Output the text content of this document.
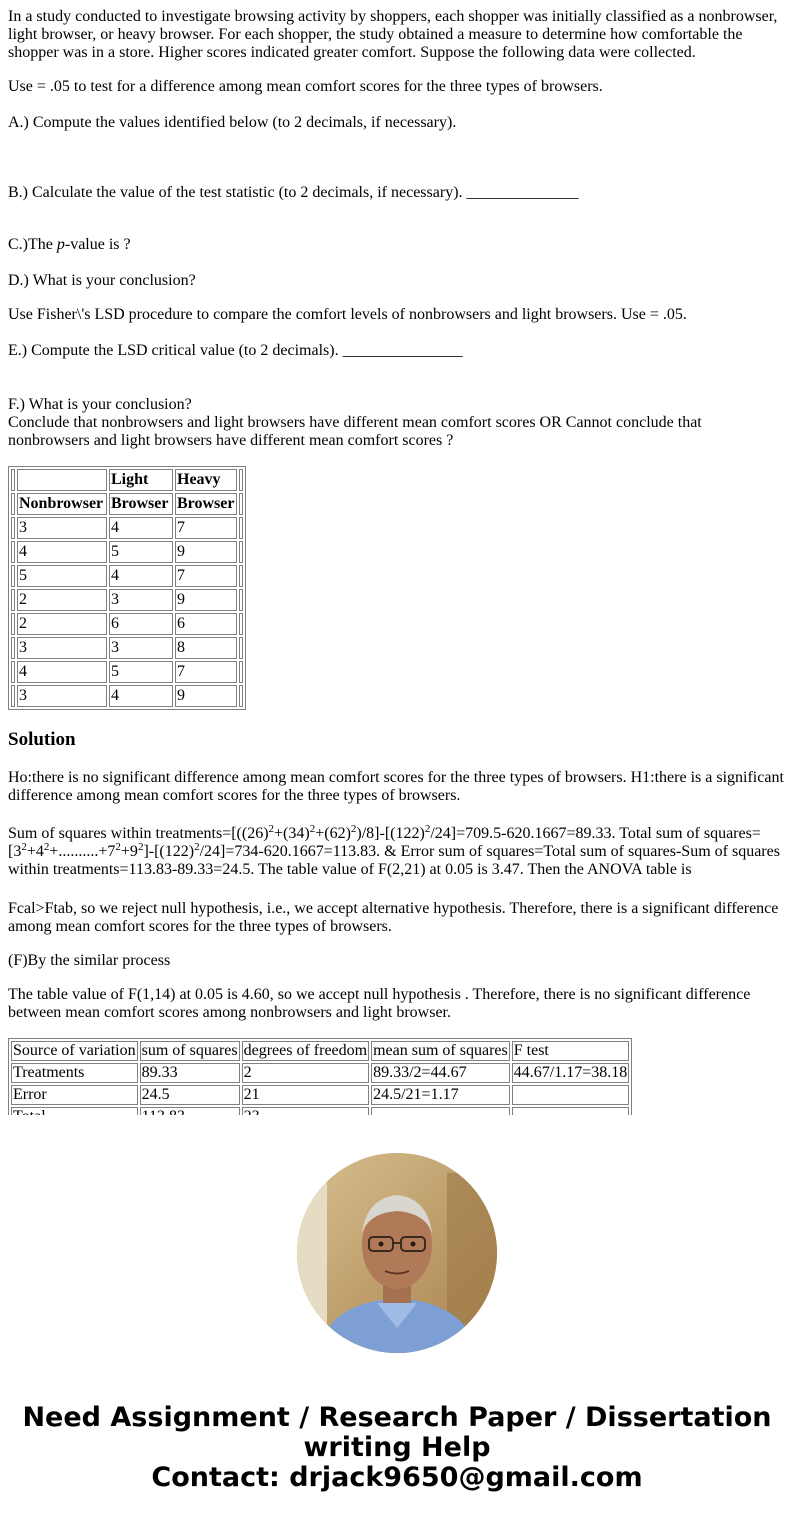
In a study conducted to investigate browsing activity by shoppers, each shopper was initially classified as a nonbrowser, light browser, or heavy browser. For each shopper, the study obtained a measure to determine how comfortable the shopper was in a store. Higher scores indicated greater comfort. Suppose the following data were collected.

Use = .05 to test for a difference among mean comfort scores for the three types of browsers.

A.) Compute the values identified below (to 2 decimals, if necessary).

B.) Calculate the value of the test statistic (to 2 decimals, if necessary). ______________

C.)The p-value is ?

D.) What is your conclusion?

Use Fisher\'s LSD procedure to compare the comfort levels of nonbrowsers and light browsers. Use = .05.

E.) Compute the LSD critical value (to 2 decimals). _______________

F.) What is your conclusion?

Conclude that nonbrowsers and light browsers have different mean comfort scores OR Cannot conclude that nonbrowsers and light browsers have different mean comfort scores ?

		Light	Heavy	
	Nonbrowser	Browser	Browser	
	3	4	7	
	4	5	9	
	5	4	7	
	2	3	9	
	2	6	6	
	3	3	8	
	4	5	7	
	3	4	9	
Solution

Ho:there is no significant difference among mean comfort scores for the three types of browsers. H1:there is a significant difference among mean comfort scores for the three types of browsers.

Sum of squares within $treatments=[((26)^2+(34)^2+(62)^2)/8]-[(122)^2/24]=709.5-620.1667=89.33$. Total sum of $squares=[3^2+4^2+..........+7^2+9^2]-[(122)^2/24]=734-620.1667=113.83$. & Error sum of squares=Total sum of squares-Sum of squares within treatments=113.83-89.33=24.5. The table value of F(2,21) at 0.05 is 3.47. Then the ANOVA table is

Fcal>Ftab, so we reject null hypothesis, i.e., we accept alternative hypothesis. Therefore, there is a significant difference among mean comfort scores for the three types of browsers.

(F)By the similar process

The table value of F(1,14) at 0.05 is 4.60, so we accept null hypothesis . Therefore, there is no significant difference between mean comfort scores among nonbrowsers and light browser.

Source of variation	sum of squares	degrees of freedom	mean sum of squares	F test
Treatments	89.33	2	89.33/2=44.67	44.67/1.17=38.18
Error	24.5	21	24.5/21=1.17	

Need Assignment / Research Paper / Dissertation
writing Help
Contact: drjack9650@gmail.com
